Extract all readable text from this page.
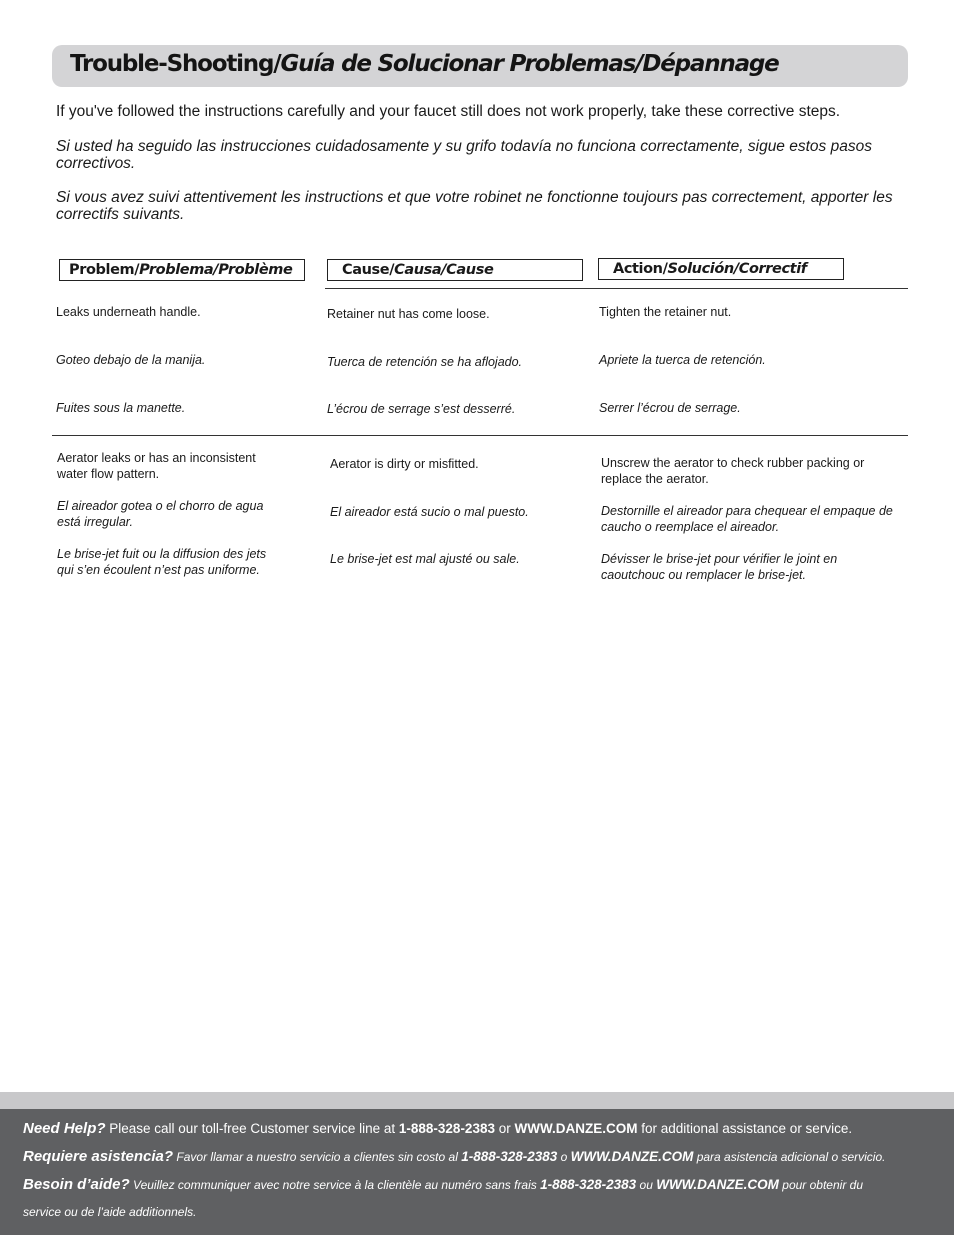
Trouble-Shooting/Guía de Solucionar Problemas/Dépannage
If you've followed the instructions carefully and your faucet still does not work properly, take these corrective steps.
Si usted ha seguido las instrucciones cuidadosamente y su grifo todavía no funciona correctamente, sigue estos pasos correctivos.
Si vous avez suivi attentivement les instructions et que votre robinet ne fonctionne toujours pas correctement, apporter les correctifs suivants.
Problem/Problema/Problème	Cause/Causa/Cause	Action/Solución/Correctif
Leaks underneath handle.
Goteo debajo de la manija.
Fuites sous la manette.
Retainer nut has come loose.
Tuerca de retención se ha aflojado.
L’écrou de serrage s’est desserré.
Tighten the retainer nut.
Apriete la tuerca de retención.
Serrer l’écrou de serrage.
Aerator leaks or has an inconsistent water flow pattern.
El aireador gotea o el chorro de agua está irregular.
Le brise-jet fuit ou la diffusion des jets qui s’en écoulent n’est pas uniforme.
Aerator is dirty or misfitted.
El aireador está sucio o mal puesto.
Le brise-jet est mal ajusté ou sale.
Unscrew the aerator to check rubber packing or replace the aerator.
Destornille el aireador para chequear el empaque de caucho o reemplace el aireador.
Dévisser le brise-jet pour vérifier le joint en caoutchouc ou remplacer le brise-jet.
Need Help? Please call our toll-free Customer service line at 1-888-328-2383 or WWW.DANZE.COM for additional assistance or service.
Requiere asistencia? Favor llamar a nuestro servicio a clientes sin costo al 1-888-328-2383 o WWW.DANZE.COM para asistencia adicional o servicio.
Besoin d’aide? Veuillez communiquer avec notre service à la clientèle au numéro sans frais 1-888-328-2383 ou WWW.DANZE.COM pour obtenir du
service ou de l’aide additionnels.
